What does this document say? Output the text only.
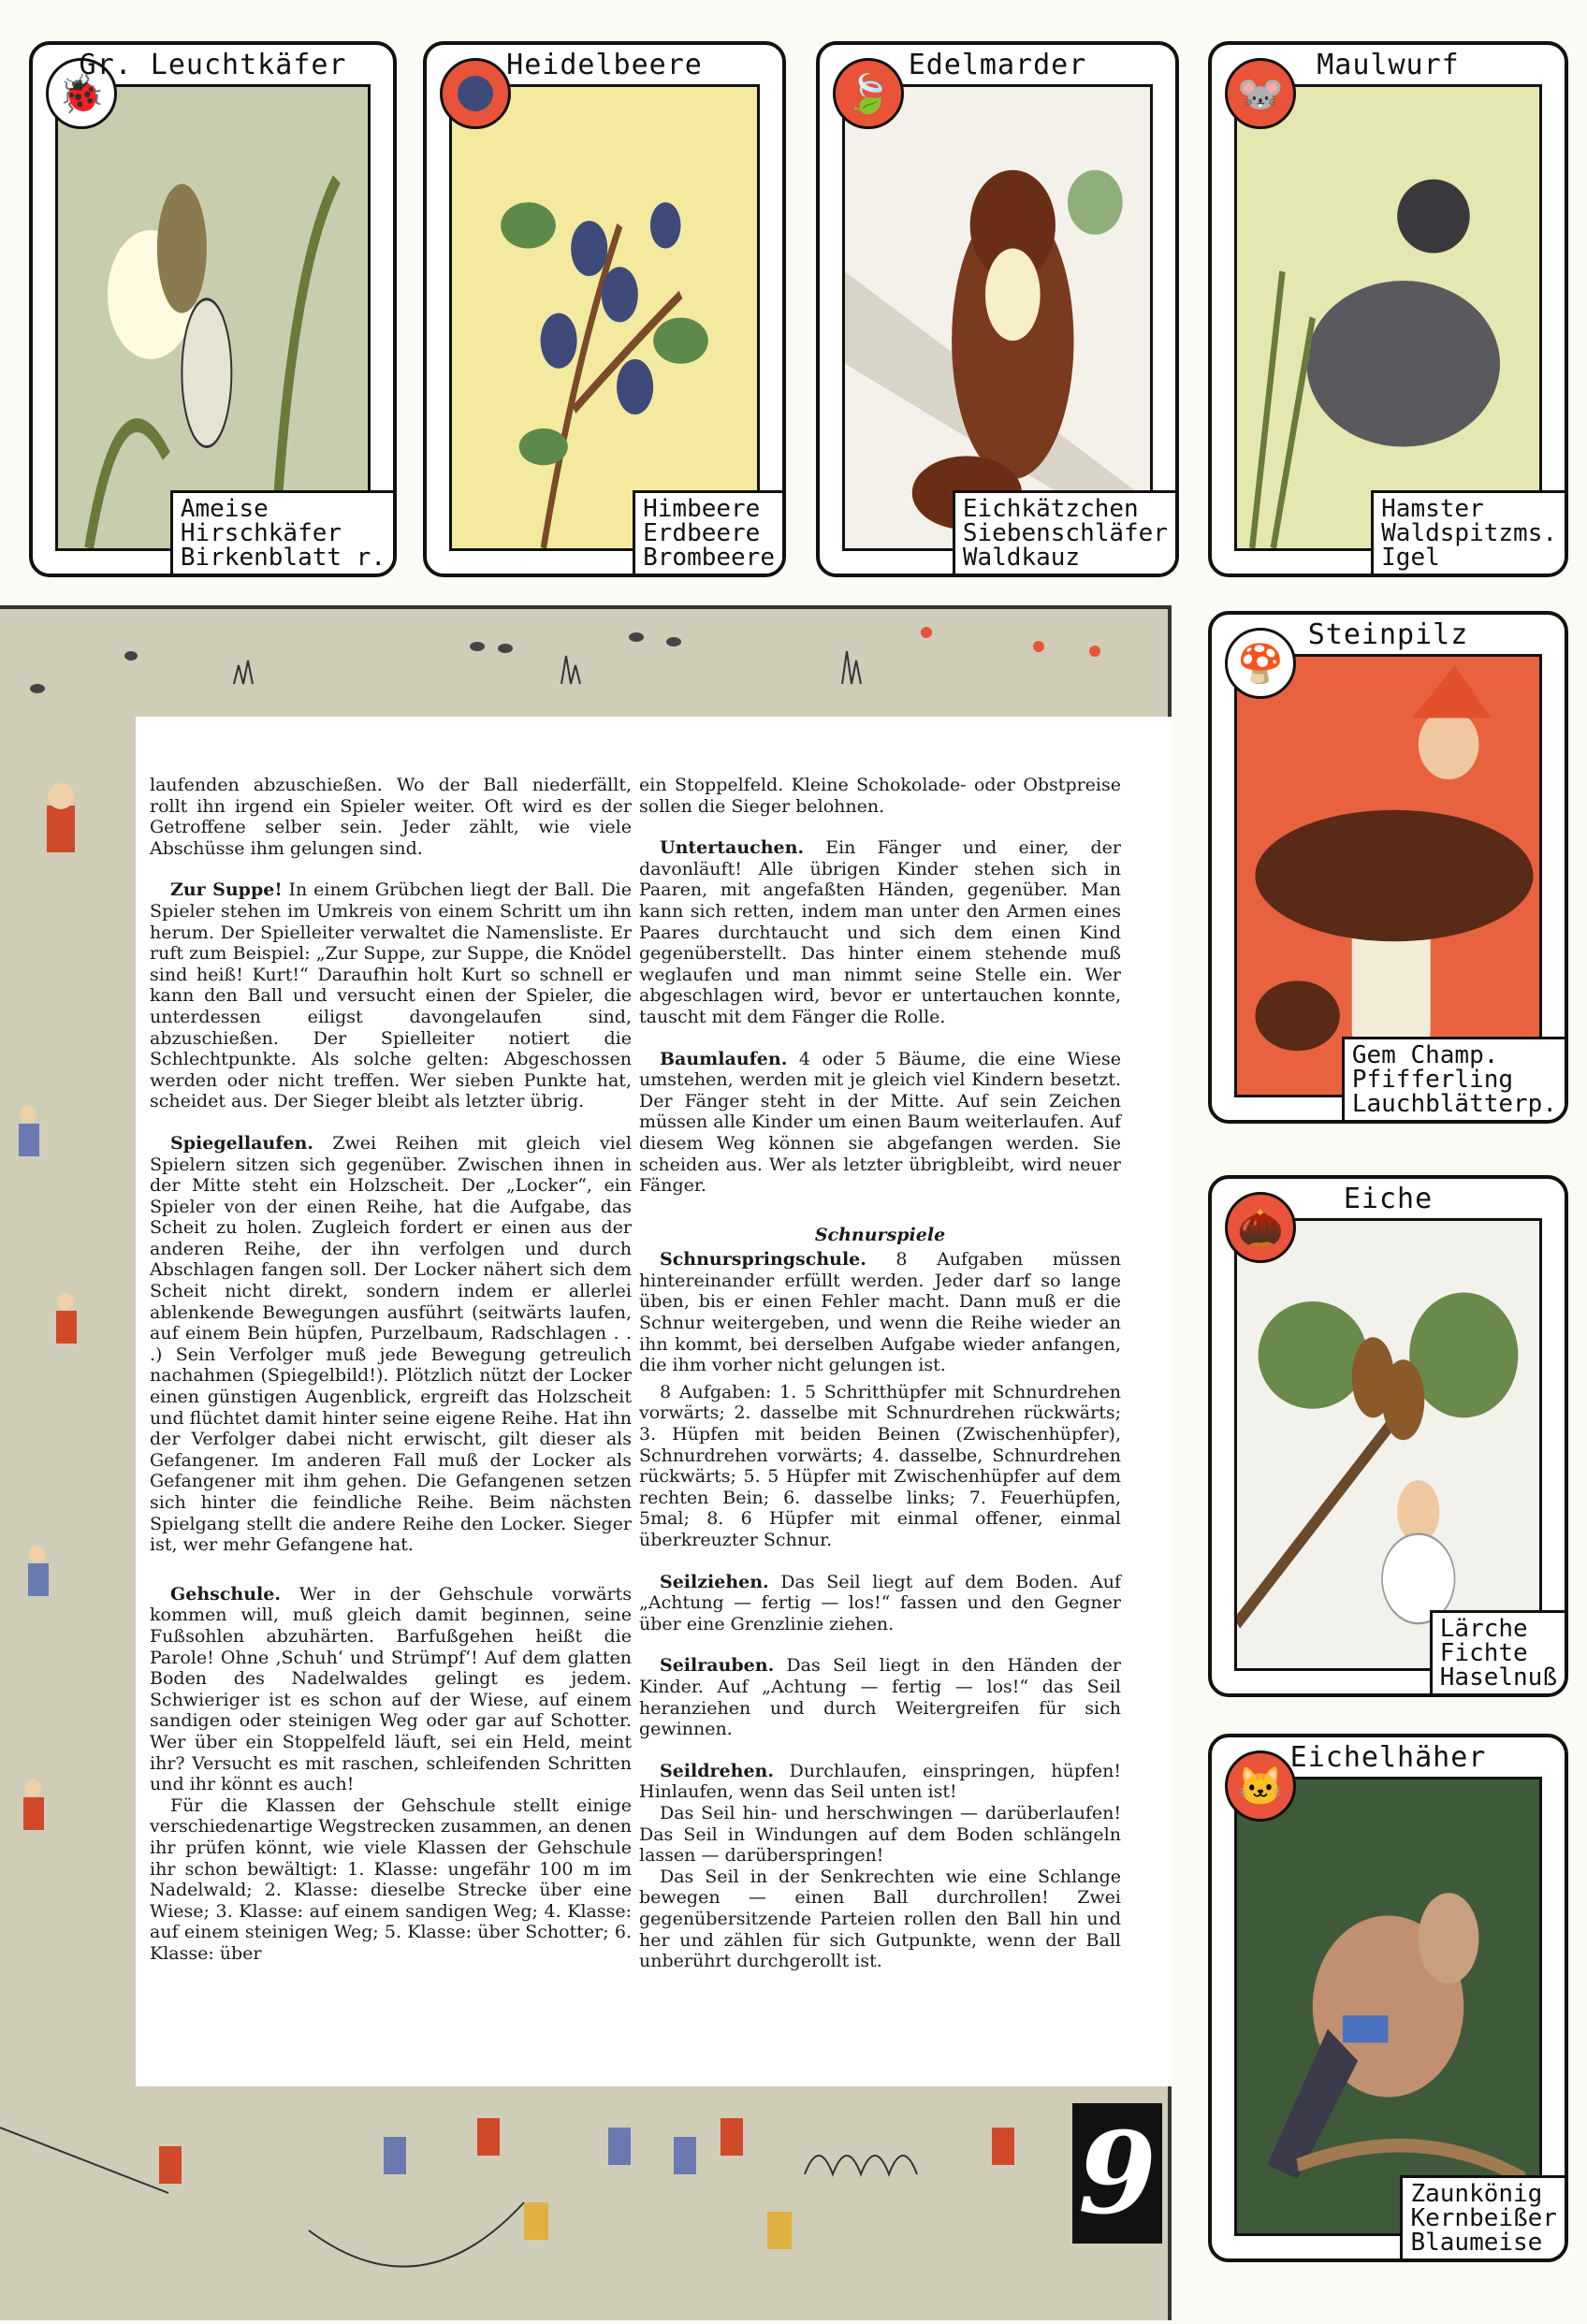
🐞
Gr. Leuchtkäfer
Ameise
Hirschkäfer
Birkenblatt r.
Heidelbeere
Himbeere
Erdbeere
Brombeere
🍃
Edelmarder
Eichkätzchen
Siebenschläfer
Waldkauz
🐭
Maulwurf
Hamster
Waldspitzms.
Igel

laufenden abzuschießen. Wo der Ball niederfällt, rollt ihn irgend ein Spieler weiter. Oft wird es der Getroffene selber sein. Jeder zählt, wie viele Abschüsse ihm gelungen sind.

Zur Suppe! In einem Grübchen liegt der Ball. Die Spieler stehen im Umkreis von einem Schritt um ihn herum. Der Spielleiter verwaltet die Namensliste. Er ruft zum Beispiel: „Zur Suppe, zur Suppe, die Knödel sind heiß! Kurt!“ Daraufhin holt Kurt so schnell er kann den Ball und versucht einen der Spieler, die unterdessen eiligst davongelaufen sind, abzuschießen. Der Spielleiter notiert die Schlechtpunkte. Als solche gelten: Abgeschossen werden oder nicht treffen. Wer sieben Punkte hat, scheidet aus. Der Sieger bleibt als letzter übrig.

Spiegellaufen. Zwei Reihen mit gleich viel Spielern sitzen sich gegenüber. Zwischen ihnen in der Mitte steht ein Holzscheit. Der „Locker“, ein Spieler von der einen Reihe, hat die Aufgabe, das Scheit zu holen. Zugleich fordert er einen aus der anderen Reihe, der ihn verfolgen und durch Abschlagen fangen soll. Der Locker nähert sich dem Scheit nicht direkt, sondern indem er allerlei ablenkende Bewegungen ausführt (seitwärts laufen, auf einem Bein hüpfen, Purzelbaum, Radschlagen . . .) Sein Verfolger muß jede Bewegung getreulich nachahmen (Spiegelbild!). Plötzlich nützt der Locker einen günstigen Augenblick, ergreift das Holzscheit und flüchtet damit hinter seine eigene Reihe. Hat ihn der Verfolger dabei nicht erwischt, gilt dieser als Gefangener. Im anderen Fall muß der Locker als Gefangener mit ihm gehen. Die Gefangenen setzen sich hinter die feindliche Reihe. Beim nächsten Spielgang stellt die andere Reihe den Locker. Sieger ist, wer mehr Gefangene hat.

Gehschule. Wer in der Gehschule vorwärts kommen will, muß gleich damit beginnen, seine Fußsohlen abzuhärten. Barfußgehen heißt die Parole! Ohne ‚Schuh‘ und Strümpf‘! Auf dem glatten Boden des Nadelwaldes gelingt es jedem. Schwieriger ist es schon auf der Wiese, auf einem sandigen oder steinigen Weg oder gar auf Schotter. Wer über ein Stoppelfeld läuft, sei ein Held, meint ihr? Versucht es mit raschen, schleifenden Schritten und ihr könnt es auch!

Für die Klassen der Gehschule stellt einige verschiedenartige Wegstrecken zusammen, an denen ihr prüfen könnt, wie viele Klassen der Gehschule ihr schon bewältigt: 1. Klasse: ungefähr 100 m im Nadelwald; 2. Klasse: dieselbe Strecke über eine Wiese; 3. Klasse: auf einem sandigen Weg; 4. Klasse: auf einem steinigen Weg; 5. Klasse: über Schotter; 6. Klasse: über

ein Stoppelfeld. Kleine Schokolade- oder Obstpreise sollen die Sieger belohnen.

Untertauchen. Ein Fänger und einer, der davonläuft! Alle übrigen Kinder stehen sich in Paaren, mit angefaßten Händen, gegenüber. Man kann sich retten, indem man unter den Armen eines Paares durchtaucht und sich dem einen Kind gegenüberstellt. Das hinter einem stehende muß weglaufen und man nimmt seine Stelle ein. Wer abgeschlagen wird, bevor er untertauchen konnte, tauscht mit dem Fänger die Rolle.

Baumlaufen. 4 oder 5 Bäume, die eine Wiese umstehen, werden mit je gleich viel Kindern besetzt. Der Fänger steht in der Mitte. Auf sein Zeichen müssen alle Kinder um einen Baum weiterlaufen. Auf diesem Weg können sie abgefangen werden. Sie scheiden aus. Wer als letzter übrigbleibt, wird neuer Fänger.

Schnurspiele

Schnurspringschule. 8 Aufgaben müssen hintereinander erfüllt werden. Jeder darf so lange üben, bis er einen Fehler macht. Dann muß er die Schnur weitergeben, und wenn die Reihe wieder an ihn kommt, bei derselben Aufgabe wieder anfangen, die ihm vorher nicht gelungen ist.

8 Aufgaben: 1. 5 Schritthüpfer mit Schnurdrehen vorwärts; 2. dasselbe mit Schnurdrehen rückwärts; 3. Hüpfen mit beiden Beinen (Zwischenhüpfer), Schnurdrehen vorwärts; 4. dasselbe, Schnurdrehen rückwärts; 5. 5 Hüpfer mit Zwischenhüpfer auf dem rechten Bein; 6. dasselbe links; 7. Feuerhüpfen, 5mal; 8. 6 Hüpfer mit einmal offener, einmal überkreuzter Schnur.

Seilziehen. Das Seil liegt auf dem Boden. Auf „Achtung — fertig — los!“ fassen und den Gegner über eine Grenzlinie ziehen.

Seilrauben. Das Seil liegt in den Händen der Kinder. Auf „Achtung — fertig — los!“ das Seil heranziehen und durch Weitergreifen für sich gewinnen.

Seildrehen. Durchlaufen, einspringen, hüpfen! Hinlaufen, wenn das Seil unten ist!

Das Seil hin- und herschwingen — darüberlaufen! Das Seil in Windungen auf dem Boden schlängeln lassen — darüberspringen!

Das Seil in der Senkrechten wie eine Schlange bewegen — einen Ball durchrollen! Zwei gegenübersitzende Parteien rollen den Ball hin und her und zählen für sich Gutpunkte, wenn der Ball unberührt durchgerollt ist.

9
🍄
Steinpilz
Gem Champ.
Pfifferling
Lauchblätterp.
🌰
Eiche
Lärche
Fichte
Haselnuß
🐱
Eichelhäher
Zaunkönig
Kernbeißer
Blaumeise
